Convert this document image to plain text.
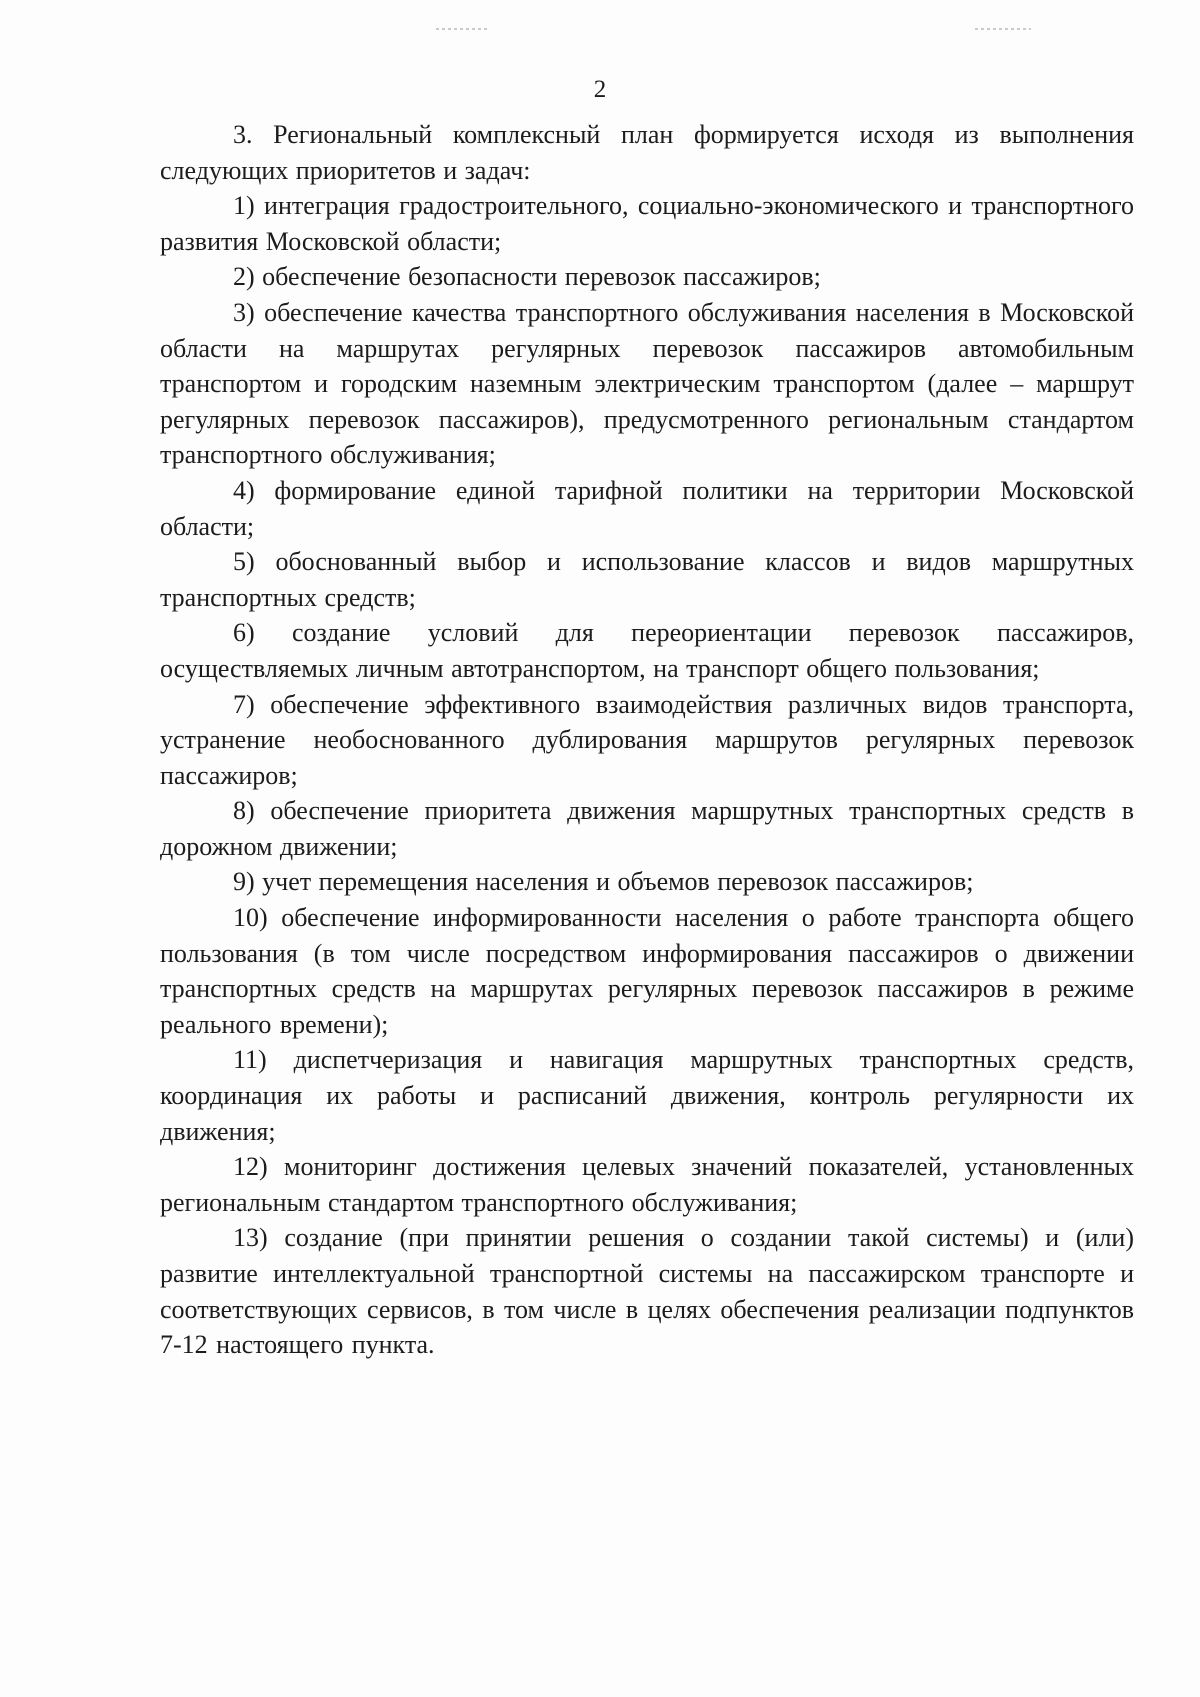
2

3. Региональный комплексный план формируется исходя из выполнения следующих приоритетов и задач:

1) интеграция градостроительного, социально-экономического и транспортного развития Московской области;

2) обеспечение безопасности перевозок пассажиров;

3) обеспечение качества транспортного обслуживания населения в Московской области на маршрутах регулярных перевозок пассажиров автомобильным транспортом и городским наземным электрическим транспортом (далее – маршрут регулярных перевозок пассажиров), предусмотренного региональным стандартом транспортного обслуживания;

4) формирование единой тарифной политики на территории Московской области;

5) обоснованный выбор и использование классов и видов маршрутных транспортных средств;

6) создание условий для переориентации перевозок пассажиров, осуществляемых личным автотранспортом, на транспорт общего пользования;

7) обеспечение эффективного взаимодействия различных видов транспорта, устранение необоснованного дублирования маршрутов регулярных перевозок пассажиров;

8) обеспечение приоритета движения маршрутных транспортных средств в дорожном движении;

9) учет перемещения населения и объемов перевозок пассажиров;

10) обеспечение информированности населения о работе транспорта общего пользования (в том числе посредством информирования пассажиров о движении транспортных средств на маршрутах регулярных перевозок пассажиров в режиме реального времени);

11) диспетчеризация и навигация маршрутных транспортных средств, координация их работы и расписаний движения, контроль регулярности их движения;

12) мониторинг достижения целевых значений показателей, установленных региональным стандартом транспортного обслуживания;

13) создание (при принятии решения о создании такой системы) и (или) развитие интеллектуальной транспортной системы на пассажирском транспорте и соответствующих сервисов, в том числе в целях обеспечения реализации подпунктов 7-12 настоящего пункта.
